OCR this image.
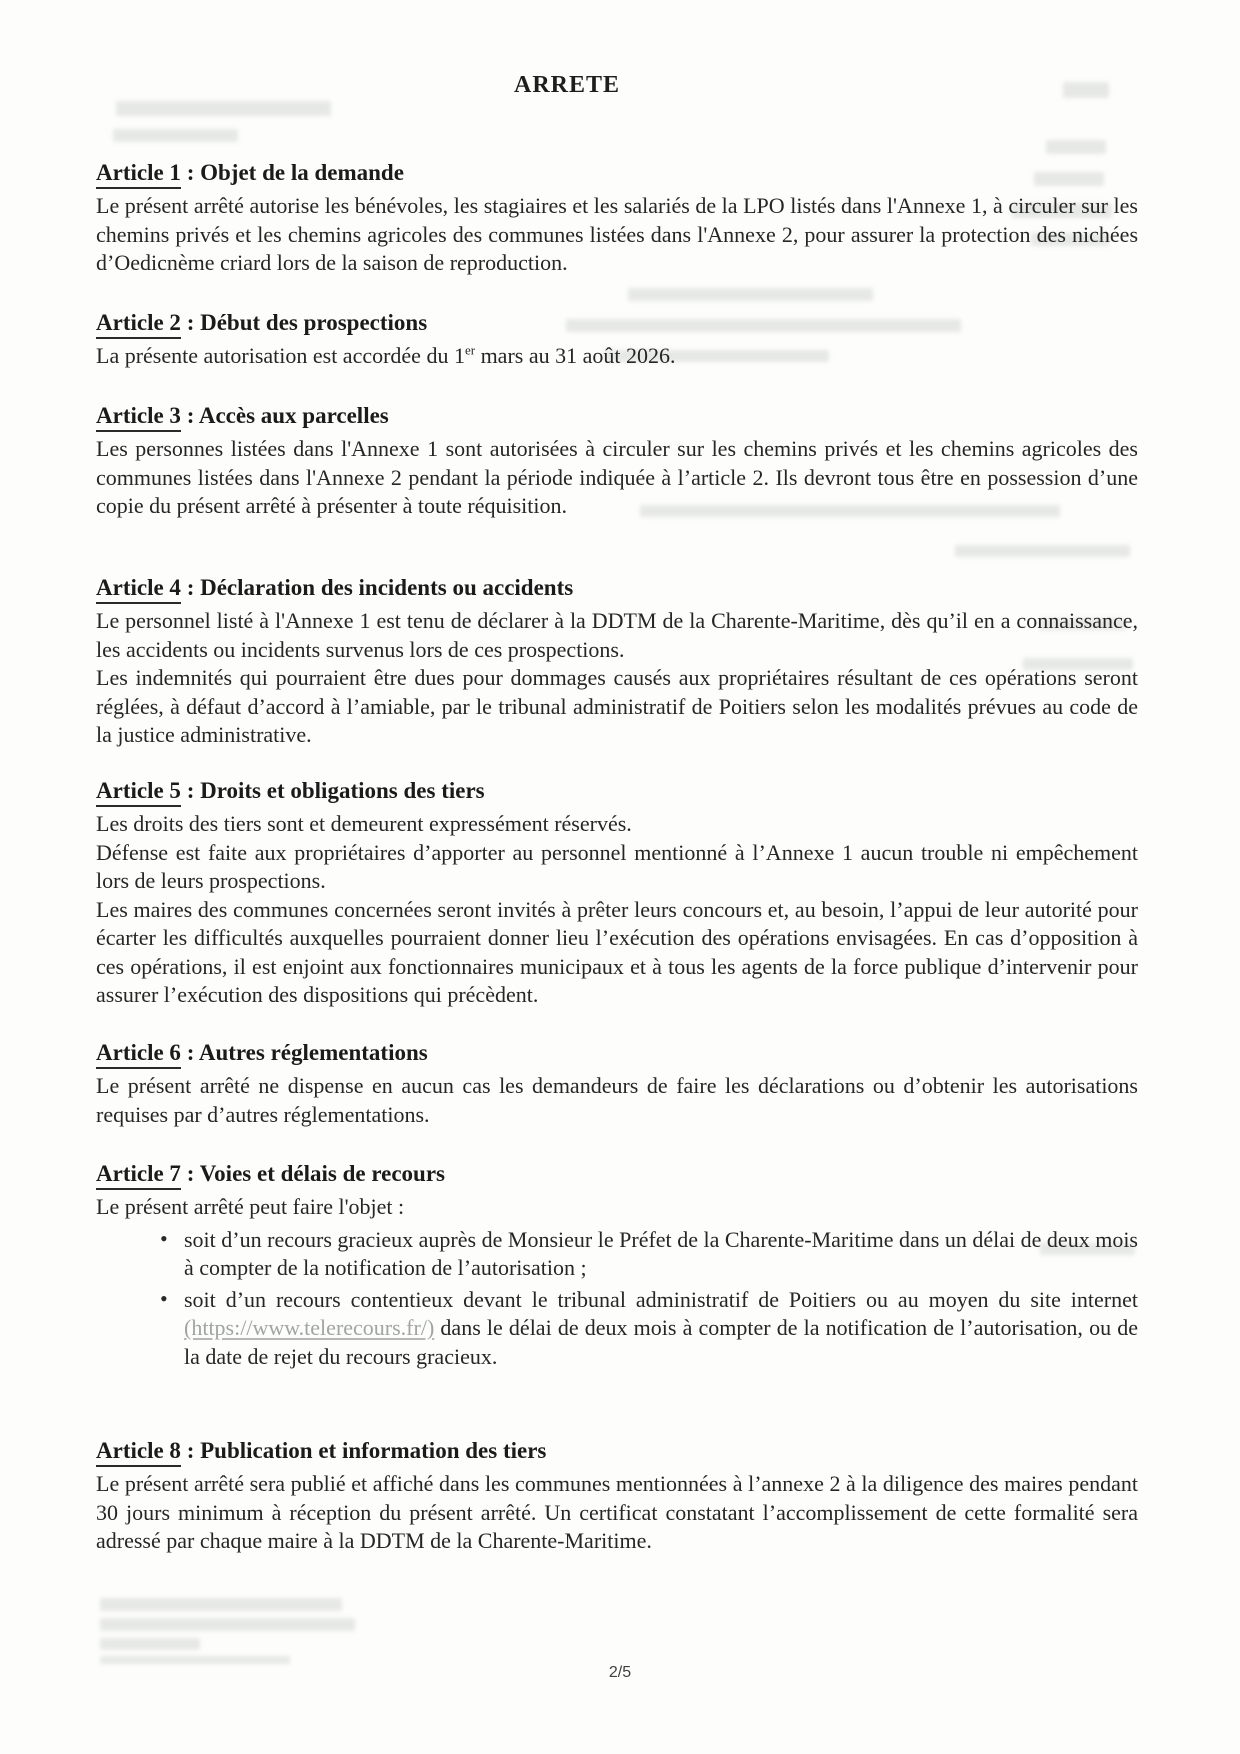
ARRETE
Article 1 : Objet de la demande

Le présent arrêté autorise les bénévoles, les stagiaires et les salariés de la LPO listés dans l'Annexe 1, à circuler sur les chemins privés et les chemins agricoles des communes listées dans l'Annexe 2, pour assurer la protection des nichées d’Oedicnème criard lors de la saison de reproduction.

Article 2 : Début des prospections

La présente autorisation est accordée du 1er mars au 31 août 2026.

Article 3 : Accès aux parcelles

Les personnes listées dans l'Annexe 1 sont autorisées à circuler sur les chemins privés et les chemins agricoles des communes listées dans l'Annexe 2 pendant la période indiquée à l’article 2. Ils devront tous être en possession d’une copie du présent arrêté à présenter à toute réquisition.

Article 4 : Déclaration des incidents ou accidents

Le personnel listé à l'Annexe 1 est tenu de déclarer à la DDTM de la Charente-Maritime, dès qu’il en a connaissance, les accidents ou incidents survenus lors de ces prospections.

Les indemnités qui pourraient être dues pour dommages causés aux propriétaires résultant de ces opérations seront réglées, à défaut d’accord à l’amiable, par le tribunal administratif de Poitiers selon les modalités prévues au code de la justice administrative.

Article 5 : Droits et obligations des tiers

Les droits des tiers sont et demeurent expressément réservés.

Défense est faite aux propriétaires d’apporter au personnel mentionné à l’Annexe 1 aucun trouble ni empêchement lors de leurs prospections.

Les maires des communes concernées seront invités à prêter leurs concours et, au besoin, l’appui de leur autorité pour écarter les difficultés auxquelles pourraient donner lieu l’exécution des opérations envisagées. En cas d’opposition à ces opérations, il est enjoint aux fonctionnaires municipaux et à tous les agents de la force publique d’intervenir pour assurer l’exécution des dispositions qui précèdent.

Article 6 : Autres réglementations

Le présent arrêté ne dispense en aucun cas les demandeurs de faire les déclarations ou d’obtenir les autorisations requises par d’autres réglementations.

Article 7 : Voies et délais de recours

Le présent arrêté peut faire l'objet :

• soit d’un recours gracieux auprès de Monsieur le Préfet de la Charente-Maritime dans un délai de deux mois à compter de la notification de l’autorisation ;
• soit d’un recours contentieux devant le tribunal administratif de Poitiers ou au moyen du site internet (https://www.telerecours.fr/) dans le délai de deux mois à compter de la notification de l’autorisation, ou de la date de rejet du recours gracieux.
Article 8 : Publication et information des tiers

Le présent arrêté sera publié et affiché dans les communes mentionnées à l’annexe 2 à la diligence des maires pendant 30 jours minimum à réception du présent arrêté. Un certificat constatant l’accomplissement de cette formalité sera adressé par chaque maire à la DDTM de la Charente-Maritime.

2/5
